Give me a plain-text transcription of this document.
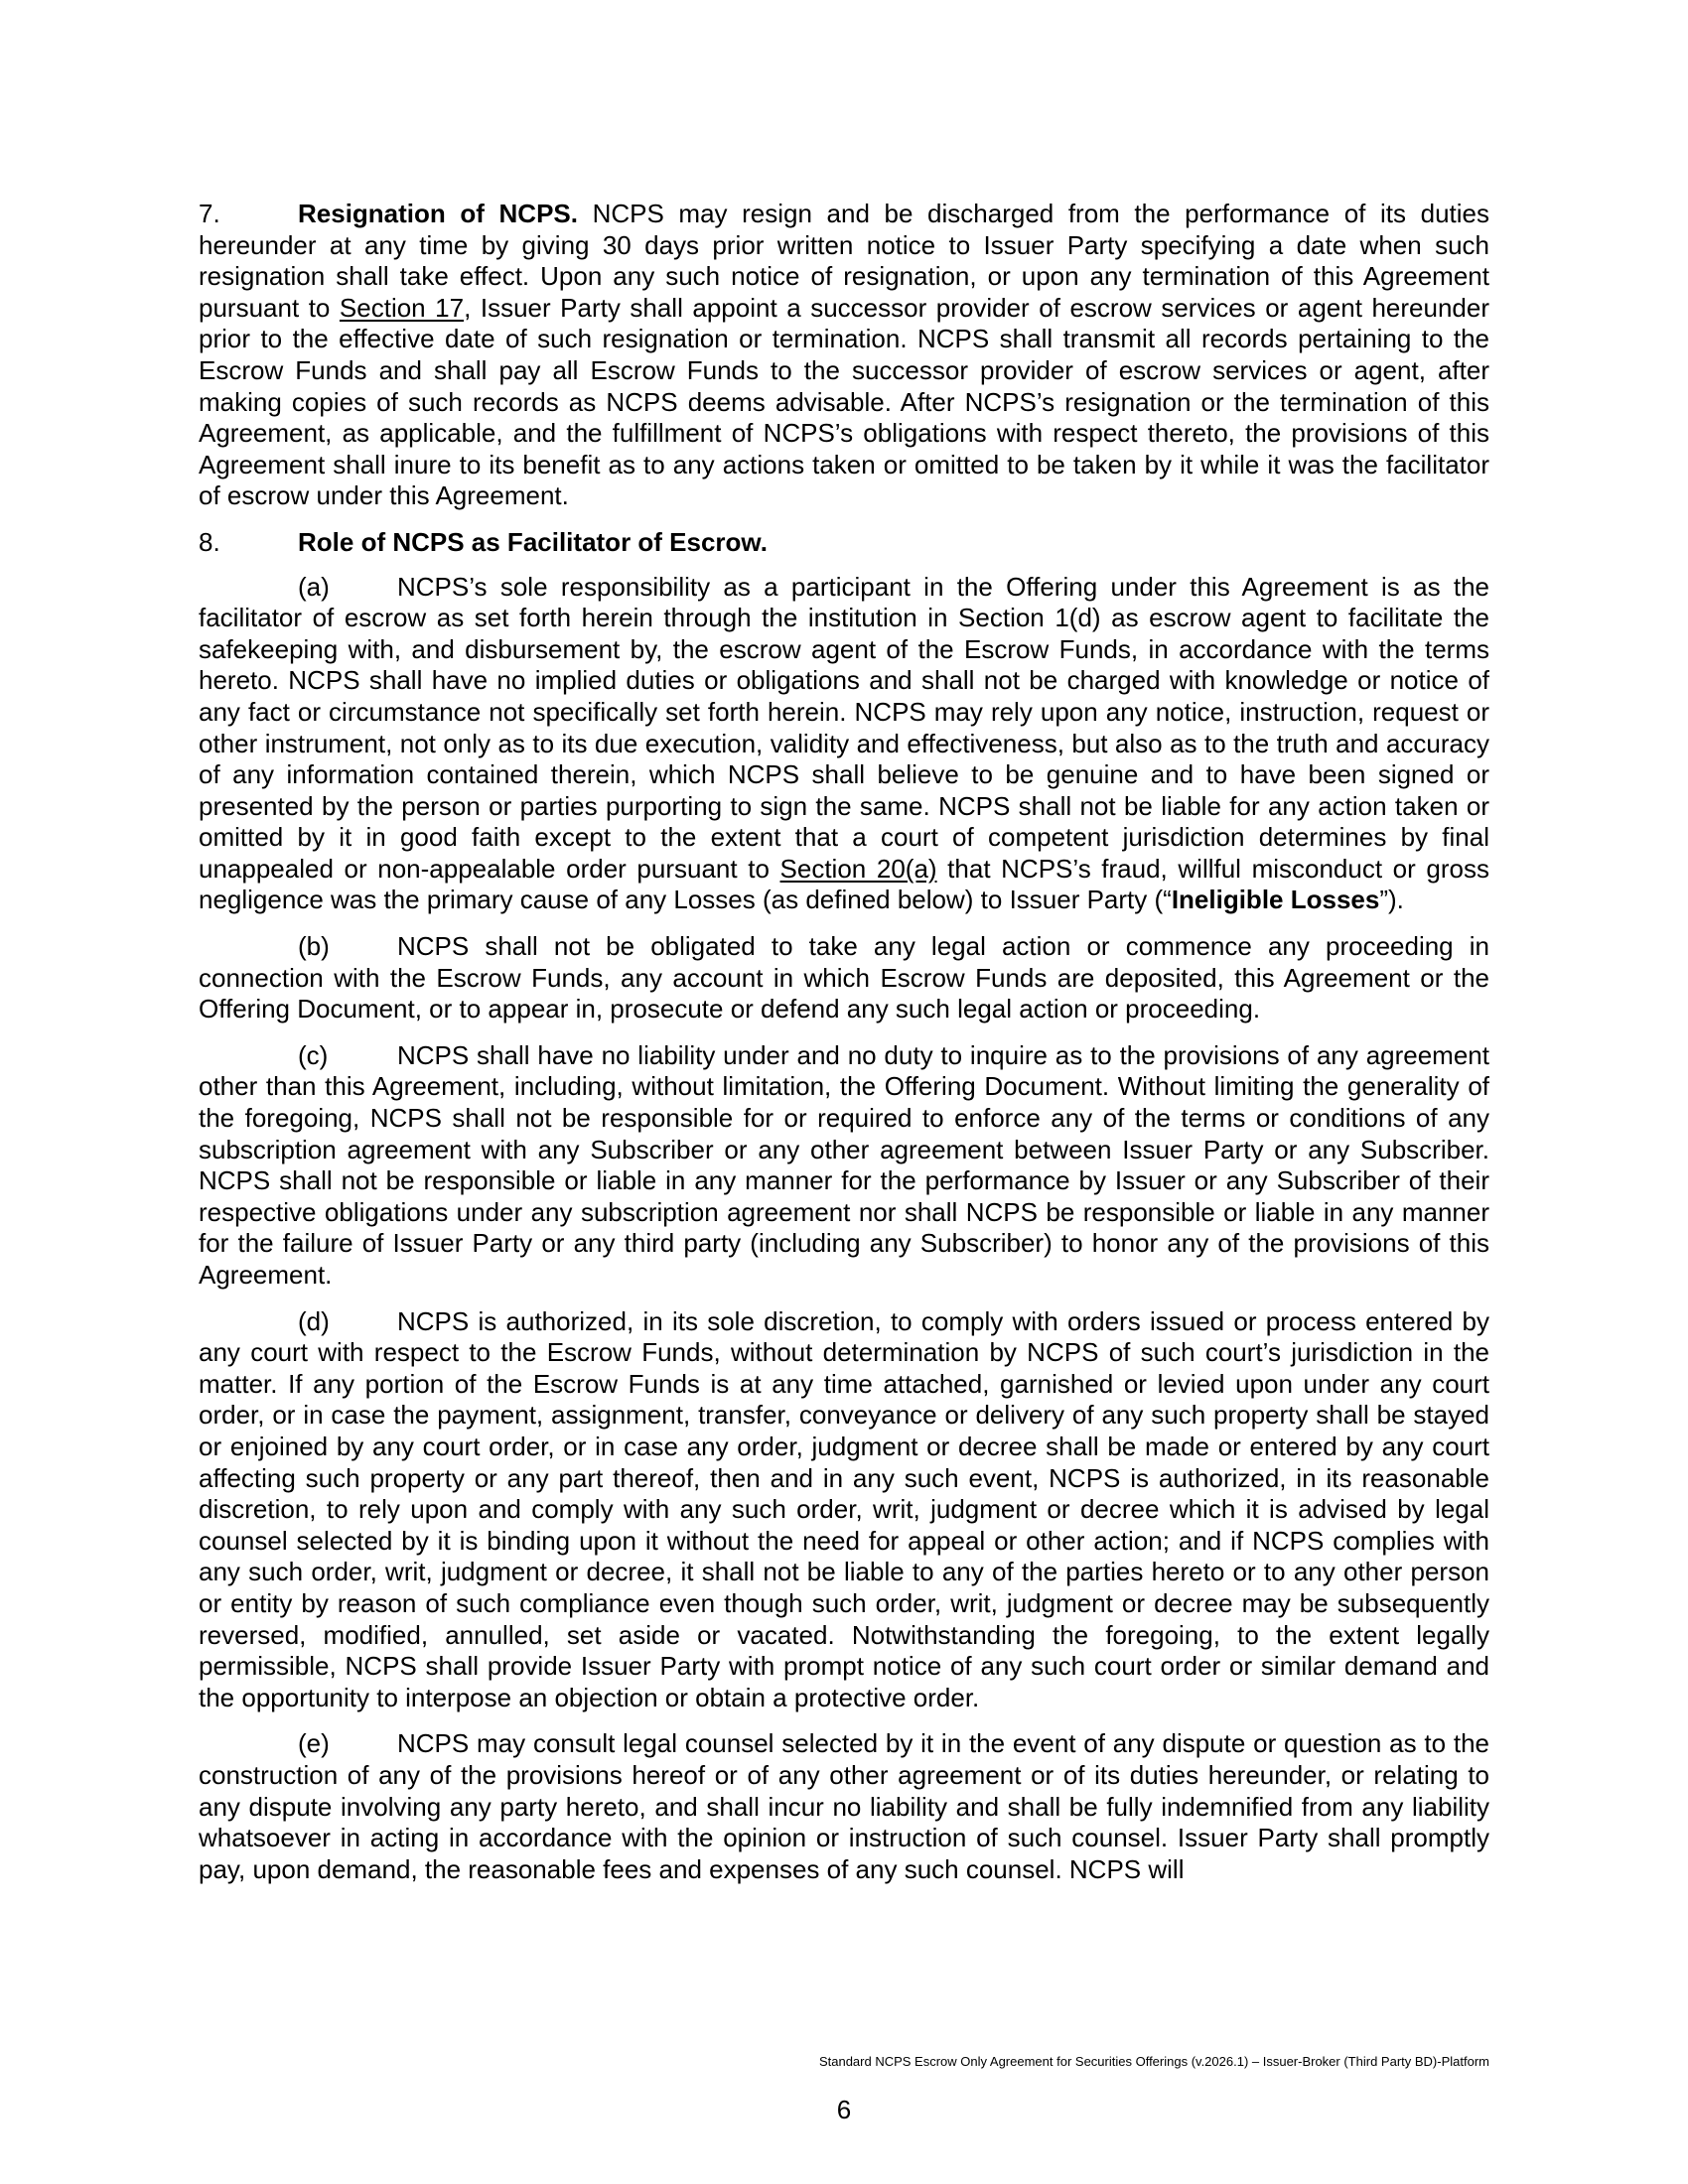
7.	Resignation of NCPS. NCPS may resign and be discharged from the performance of its duties hereunder at any time by giving 30 days prior written notice to Issuer Party specifying a date when such resignation shall take effect. Upon any such notice of resignation, or upon any termination of this Agreement pursuant to Section 17, Issuer Party shall appoint a successor provider of escrow services or agent hereunder prior to the effective date of such resignation or termination. NCPS shall transmit all records pertaining to the Escrow Funds and shall pay all Escrow Funds to the successor provider of escrow services or agent, after making copies of such records as NCPS deems advisable. After NCPS’s resignation or the termination of this Agreement, as applicable, and the fulfillment of NCPS’s obligations with respect thereto, the provisions of this Agreement shall inure to its benefit as to any actions taken or omitted to be taken by it while it was the facilitator of escrow under this Agreement.

8.	Role of NCPS as Facilitator of Escrow.

(a)	NCPS’s sole responsibility as a participant in the Offering under this Agreement is as the facilitator of escrow as set forth herein through the institution in Section 1(d) as escrow agent to facilitate the safekeeping with, and disbursement by, the escrow agent of the Escrow Funds, in accordance with the terms hereto. NCPS shall have no implied duties or obligations and shall not be charged with knowledge or notice of any fact or circumstance not specifically set forth herein. NCPS may rely upon any notice, instruction, request or other instrument, not only as to its due execution, validity and effectiveness, but also as to the truth and accuracy of any information contained therein, which NCPS shall believe to be genuine and to have been signed or presented by the person or parties purporting to sign the same. NCPS shall not be liable for any action taken or omitted by it in good faith except to the extent that a court of competent jurisdiction determines by final unappealed or non-appealable order pursuant to Section 20(a) that NCPS’s fraud, willful misconduct or gross negligence was the primary cause of any Losses (as defined below) to Issuer Party (“Ineligible Losses”).

(b)	NCPS shall not be obligated to take any legal action or commence any proceeding in connection with the Escrow Funds, any account in which Escrow Funds are deposited, this Agreement or the Offering Document, or to appear in, prosecute or defend any such legal action or proceeding.

(c)	NCPS shall have no liability under and no duty to inquire as to the provisions of any agreement other than this Agreement, including, without limitation, the Offering Document. Without limiting the generality of the foregoing, NCPS shall not be responsible for or required to enforce any of the terms or conditions of any subscription agreement with any Subscriber or any other agreement between Issuer Party or any Subscriber. NCPS shall not be responsible or liable in any manner for the performance by Issuer or any Subscriber of their respective obligations under any subscription agreement nor shall NCPS be responsible or liable in any manner for the failure of Issuer Party or any third party (including any Subscriber) to honor any of the provisions of this Agreement.

(d)	NCPS is authorized, in its sole discretion, to comply with orders issued or process entered by any court with respect to the Escrow Funds, without determination by NCPS of such court’s jurisdiction in the matter. If any portion of the Escrow Funds is at any time attached, garnished or levied upon under any court order, or in case the payment, assignment, transfer, conveyance or delivery of any such property shall be stayed or enjoined by any court order, or in case any order, judgment or decree shall be made or entered by any court affecting such property or any part thereof, then and in any such event, NCPS is authorized, in its reasonable discretion, to rely upon and comply with any such order, writ, judgment or decree which it is advised by legal counsel selected by it is binding upon it without the need for appeal or other action; and if NCPS complies with any such order, writ, judgment or decree, it shall not be liable to any of the parties hereto or to any other person or entity by reason of such compliance even though such order, writ, judgment or decree may be subsequently reversed, modified, annulled, set aside or vacated. Notwithstanding the foregoing, to the extent legally permissible, NCPS shall provide Issuer Party with prompt notice of any such court order or similar demand and the opportunity to interpose an objection or obtain a protective order.

(e)	NCPS may consult legal counsel selected by it in the event of any dispute or question as to the construction of any of the provisions hereof or of any other agreement or of its duties hereunder, or relating to any dispute involving any party hereto, and shall incur no liability and shall be fully indemnified from any liability whatsoever in acting in accordance with the opinion or instruction of such counsel. Issuer Party shall promptly pay, upon demand, the reasonable fees and expenses of any such counsel. NCPS will

Standard NCPS Escrow Only Agreement for Securities Offerings (v.2026.1) – Issuer-Broker (Third Party BD)-Platform
6
